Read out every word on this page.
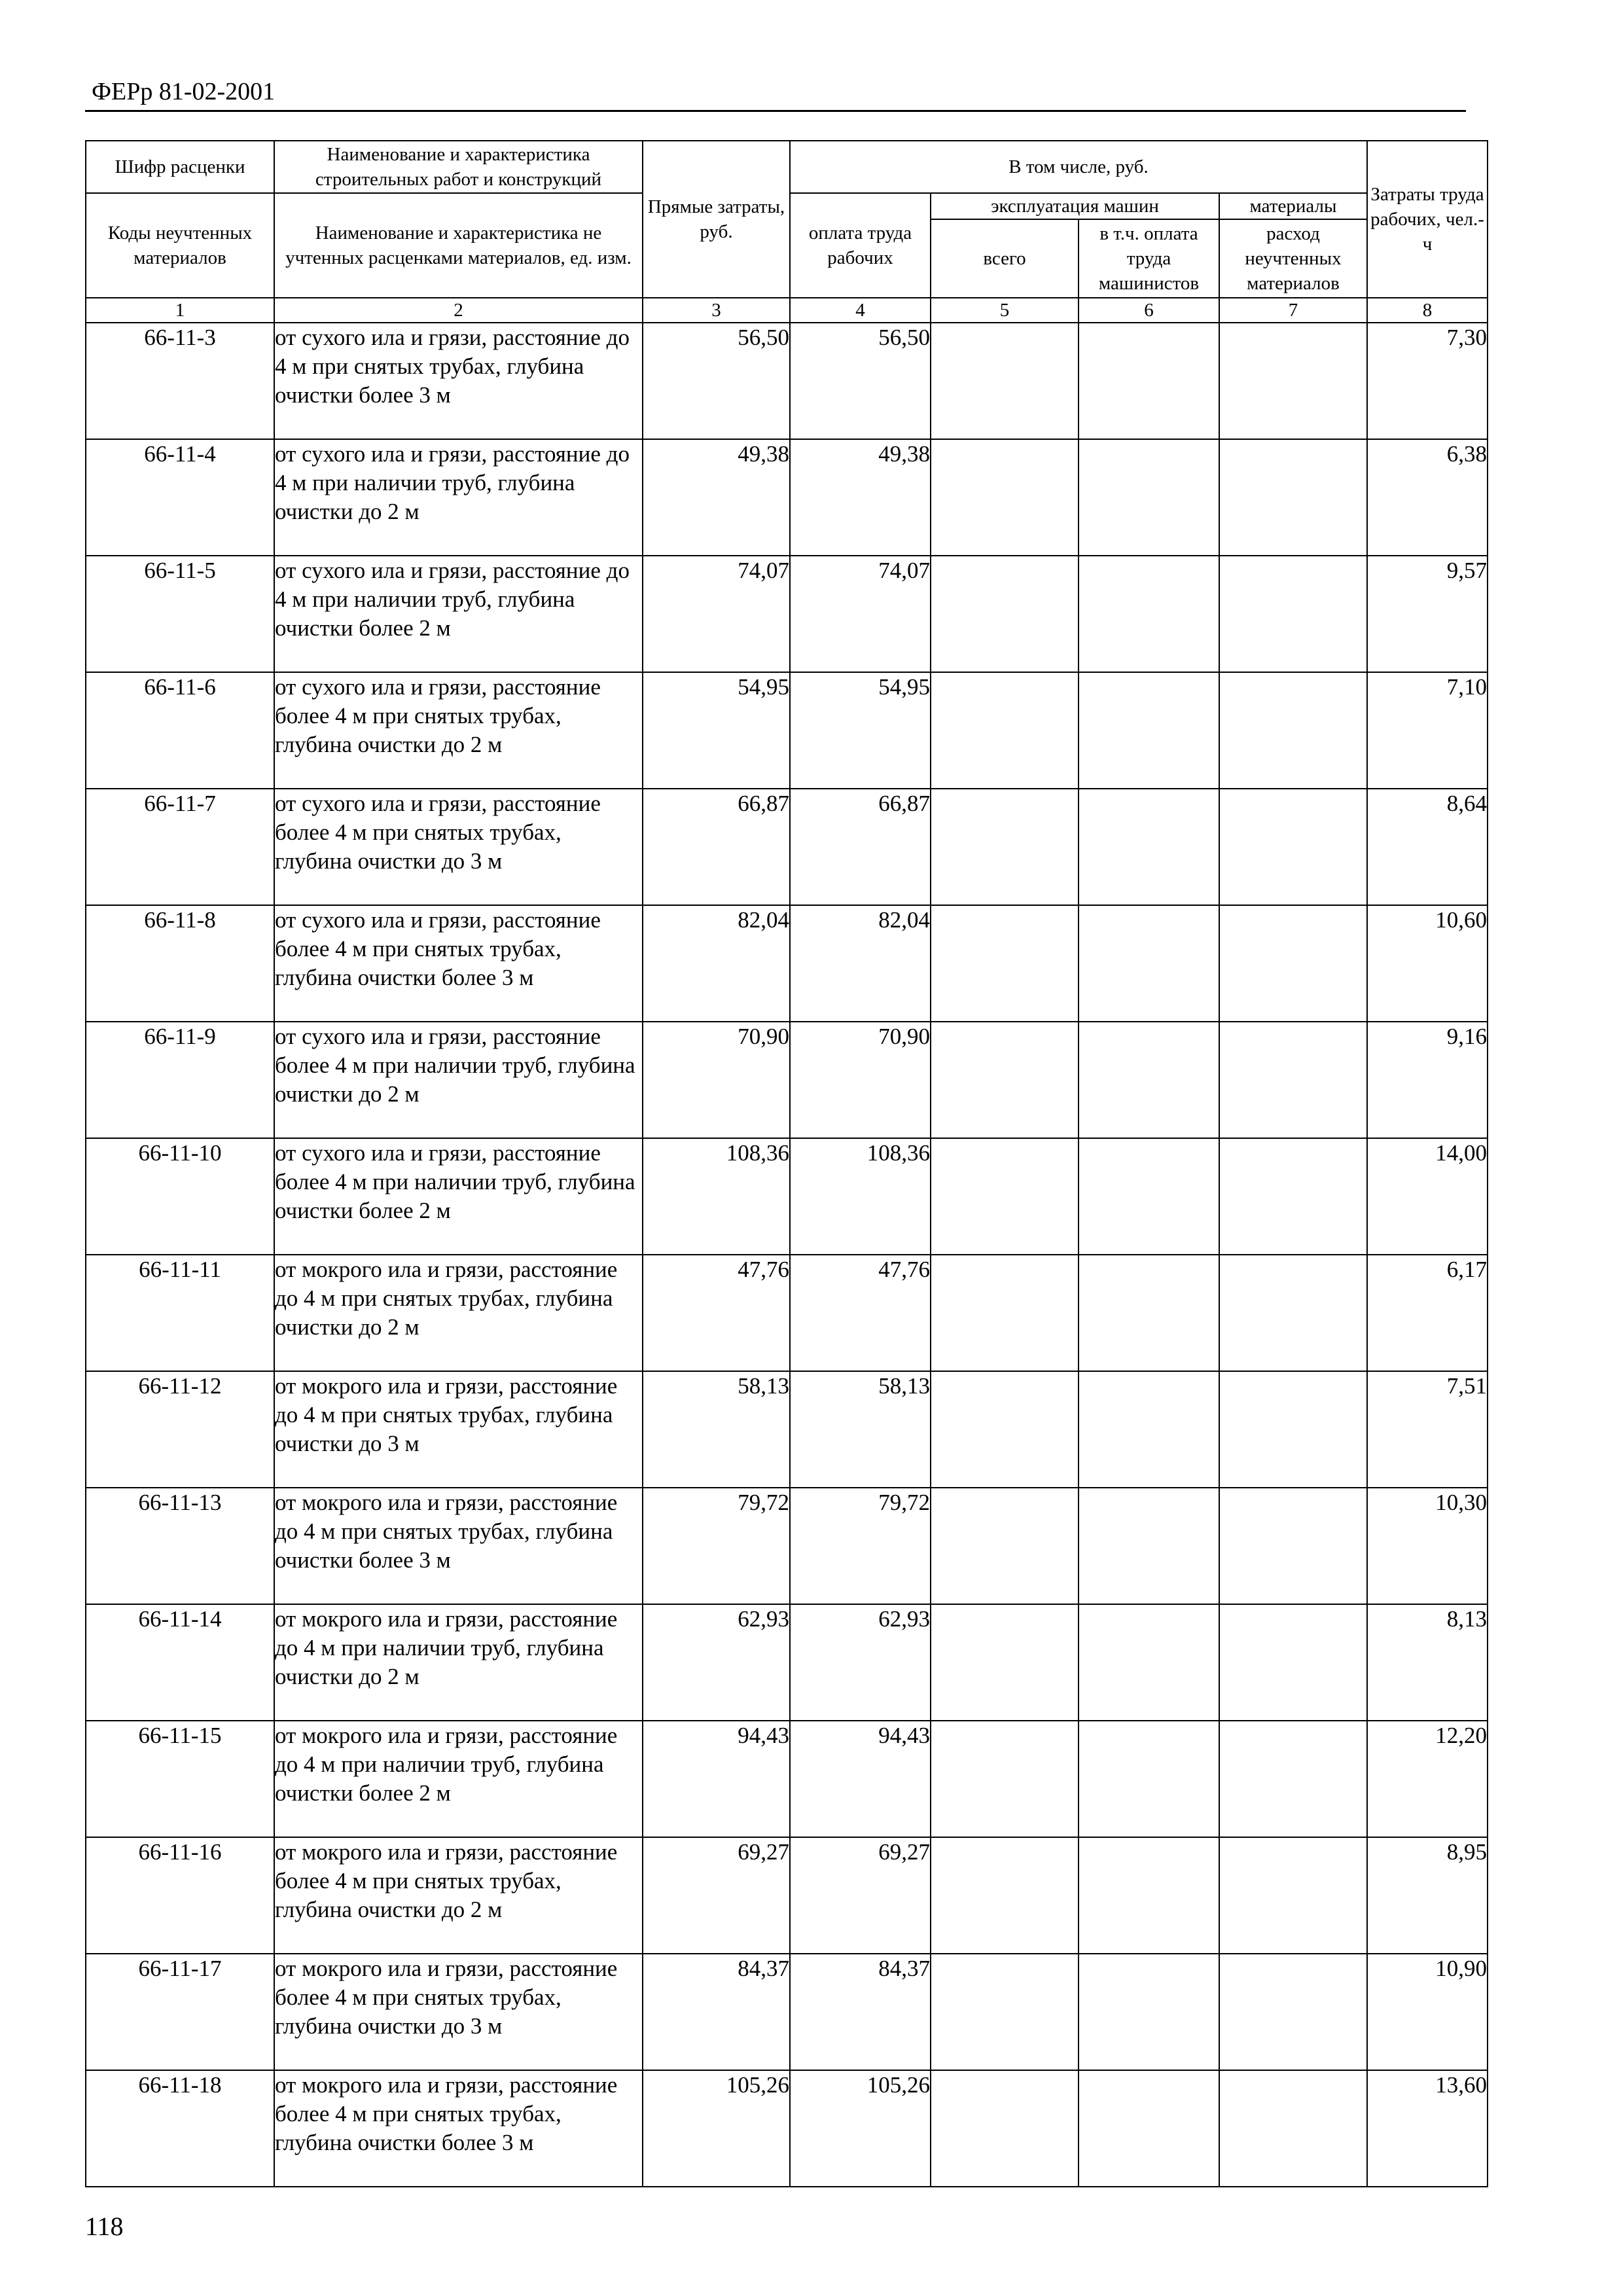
ФЕРр 81-02-2001
Шифр расценки	Наименование и характеристика строительных работ и конструкций	Прямые затраты, руб.	В том числе, руб.				Затраты труда рабочих, чел.-ч
Коды неучтенных материалов	Наименование и характеристика не учтенных расценками материалов, ед. изм.		оплата труда рабочих	эксплуатация машин		материалы	
				всего	в т.ч. оплата труда машинистов	расход неучтенных материалов	
1	2	3	4	5	6	7	8
66-11-3	от сухого ила и грязи, расстояние до 4 м при снятых трубах, глубина очистки более 3 м	56,50	56,50				7,30
66-11-4	от сухого ила и грязи, расстояние до 4 м при наличии труб, глубина очистки до 2 м	49,38	49,38				6,38
66-11-5	от сухого ила и грязи, расстояние до 4 м при наличии труб, глубина очистки более 2 м	74,07	74,07				9,57
66-11-6	от сухого ила и грязи, расстояние более 4 м при снятых трубах, глубина очистки до 2 м	54,95	54,95				7,10
66-11-7	от сухого ила и грязи, расстояние более 4 м при снятых трубах, глубина очистки до 3 м	66,87	66,87				8,64
66-11-8	от сухого ила и грязи, расстояние более 4 м при снятых трубах, глубина очистки более 3 м	82,04	82,04				10,60
66-11-9	от сухого ила и грязи, расстояние более 4 м при наличии труб, глубина очистки до 2 м	70,90	70,90				9,16
66-11-10	от сухого ила и грязи, расстояние более 4 м при наличии труб, глубина очистки более 2 м	108,36	108,36				14,00
66-11-11	от мокрого ила и грязи, расстояние до 4 м при снятых трубах, глубина очистки до 2 м	47,76	47,76				6,17
66-11-12	от мокрого ила и грязи, расстояние до 4 м при снятых трубах, глубина очистки до 3 м	58,13	58,13				7,51
66-11-13	от мокрого ила и грязи, расстояние до 4 м при снятых трубах, глубина очистки более 3 м	79,72	79,72				10,30
66-11-14	от мокрого ила и грязи, расстояние до 4 м при наличии труб, глубина очистки до 2 м	62,93	62,93				8,13
66-11-15	от мокрого ила и грязи, расстояние до 4 м при наличии труб, глубина очистки более 2 м	94,43	94,43				12,20
66-11-16	от мокрого ила и грязи, расстояние более 4 м при снятых трубах, глубина очистки до 2 м	69,27	69,27				8,95
66-11-17	от мокрого ила и грязи, расстояние более 4 м при снятых трубах, глубина очистки до 3 м	84,37	84,37				10,90
66-11-18	от мокрого ила и грязи, расстояние более 4 м при снятых трубах, глубина очистки более 3 м	105,26	105,26				13,60
118
